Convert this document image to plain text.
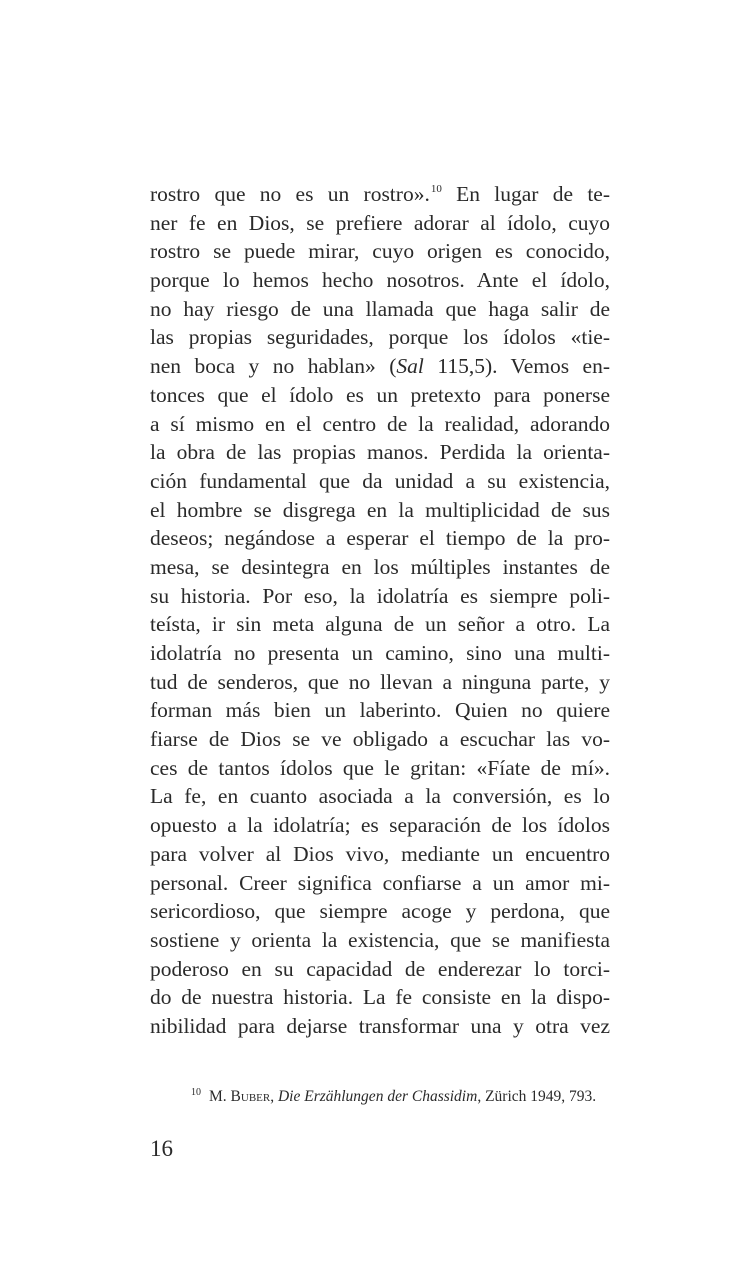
rostro que no es un rostro».$^{10}$ En lugar de te-
ner fe en Dios, se prefiere adorar al ídolo, cuyo
rostro se puede mirar, cuyo origen es conocido,
porque lo hemos hecho nosotros. Ante el ídolo,
no hay riesgo de una llamada que haga salir de
las propias seguridades, porque los ídolos «tie-
nen boca y no hablan» (Sal 115,5). Vemos en-
tonces que el ídolo es un pretexto para ponerse
a sí mismo en el centro de la realidad, adorando
la obra de las propias manos. Perdida la orienta-
ción fundamental que da unidad a su existencia,
el hombre se disgrega en la multiplicidad de sus
deseos; negándose a esperar el tiempo de la pro-
mesa, se desintegra en los múltiples instantes de
su historia. Por eso, la idolatría es siempre poli-
teísta, ir sin meta alguna de un señor a otro. La
idolatría no presenta un camino, sino una multi-
tud de senderos, que no llevan a ninguna parte, y
forman más bien un laberinto. Quien no quiere
fiarse de Dios se ve obligado a escuchar las vo-
ces de tantos ídolos que le gritan: «Fíate de mí».
La fe, en cuanto asociada a la conversión, es lo
opuesto a la idolatría; es separación de los ídolos
para volver al Dios vivo, mediante un encuentro
personal. Creer significa confiarse a un amor mi-
sericordioso, que siempre acoge y perdona, que
sostiene y orienta la existencia, que se manifiesta
poderoso en su capacidad de enderezar lo torci-
do de nuestra historia. La fe consiste en la dispo-
nibilidad para dejarse transformar una y otra vez
$^{10}$ M. Buber, Die Erzählungen der Chassidim, Zürich 1949, 793.
16
